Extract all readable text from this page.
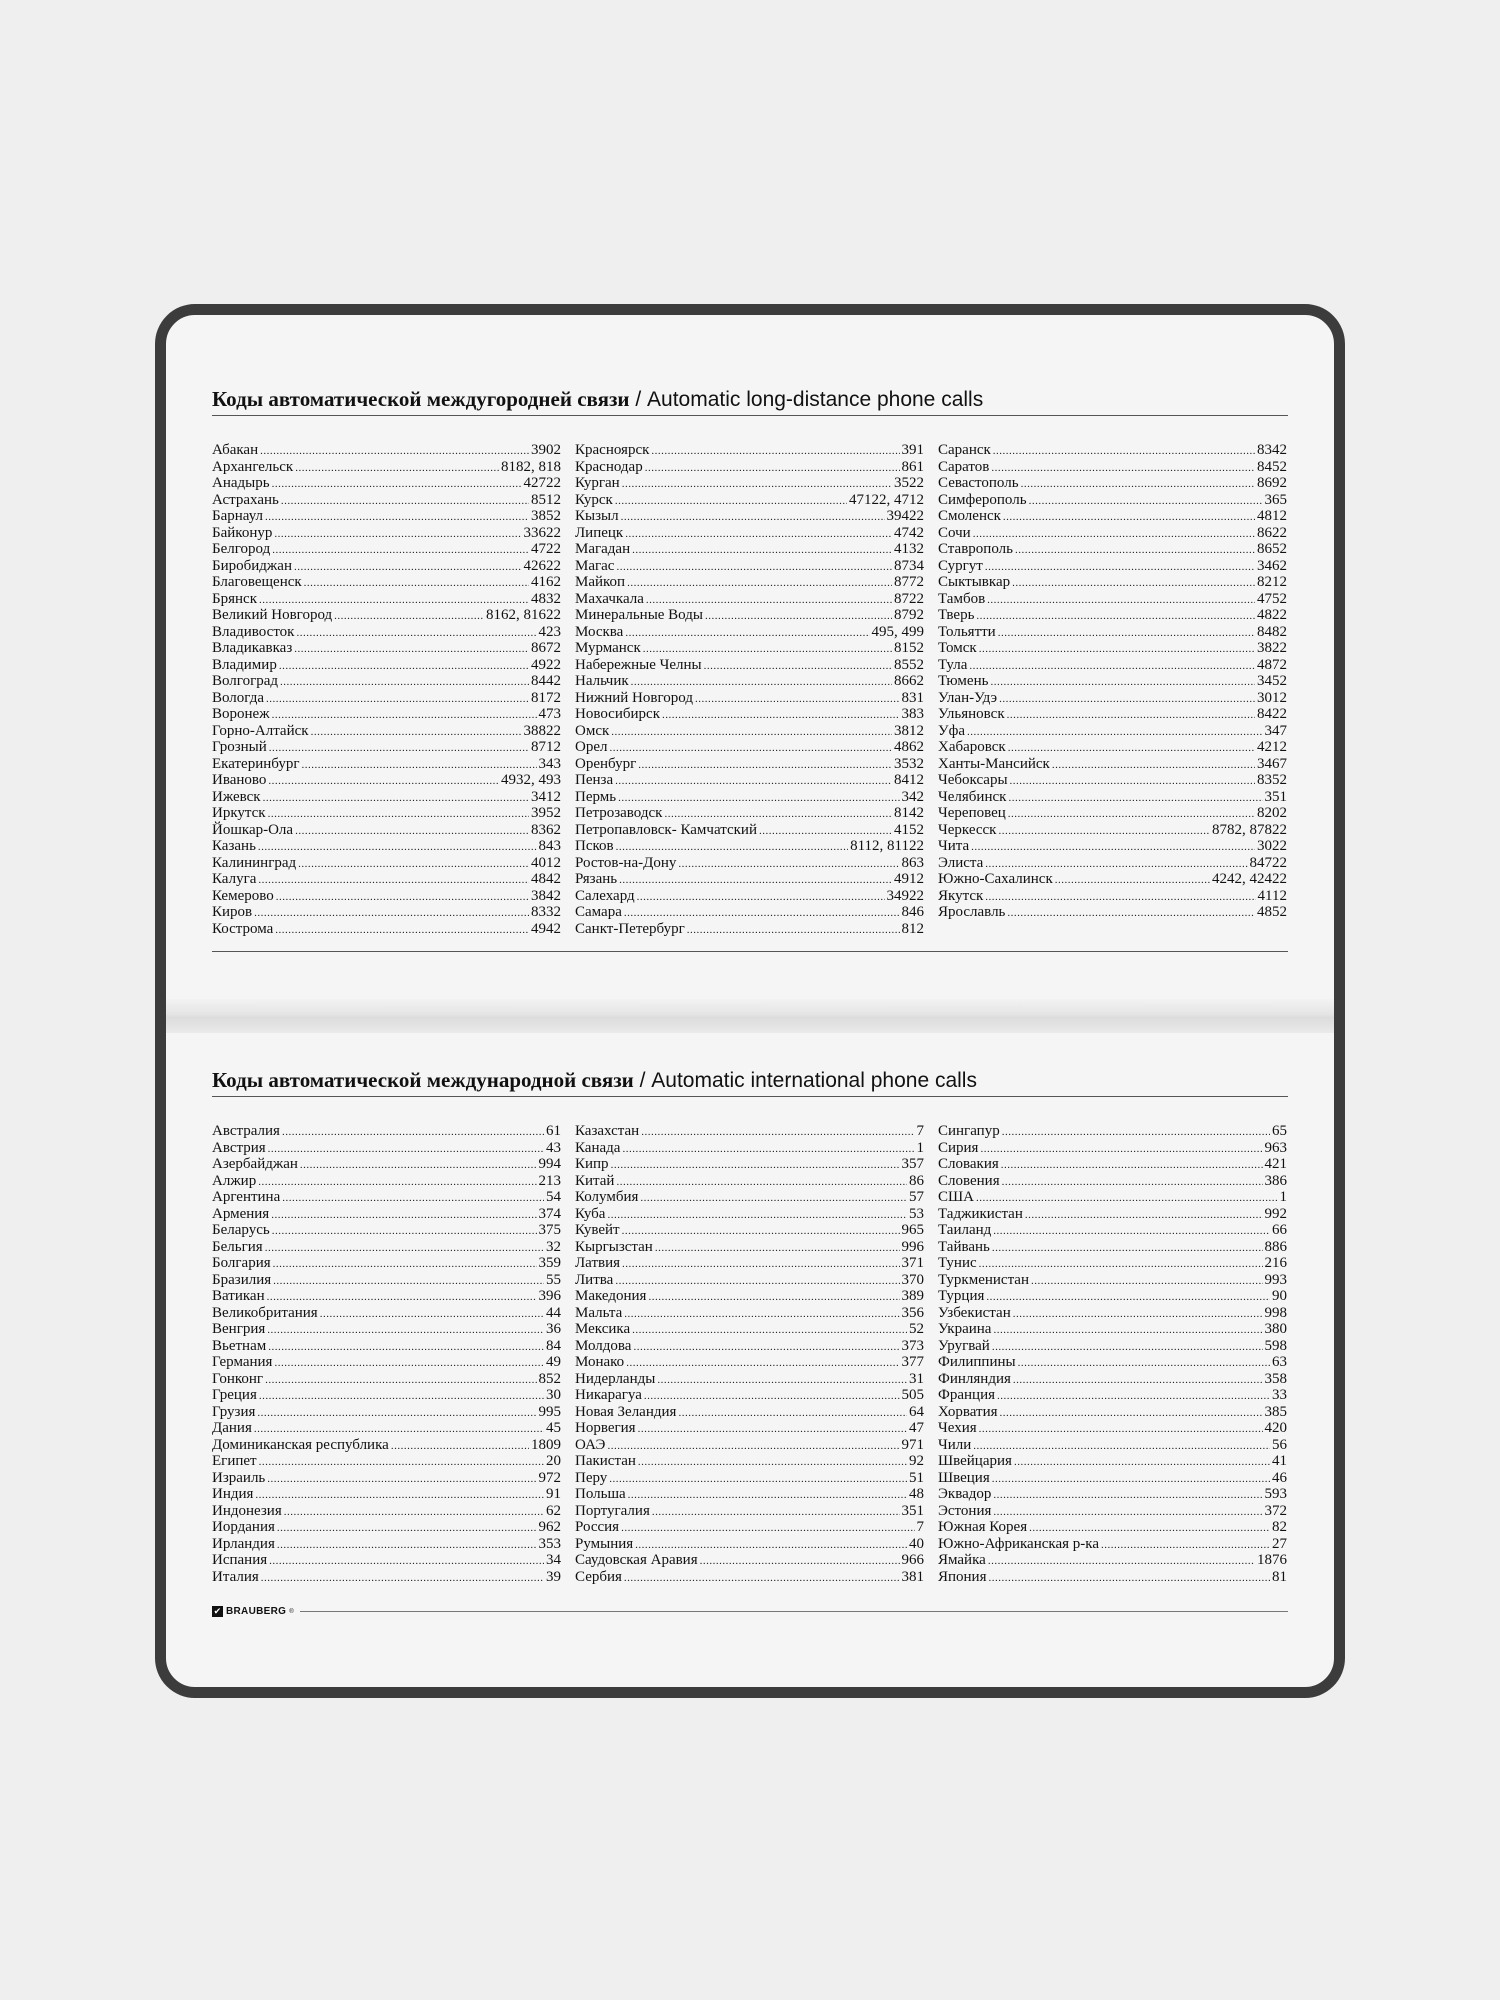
Коды автоматической междугородней связи / Automatic long-distance phone calls
Абакан .....	3902
Архангельск .....	8182, 818
Анадырь .....	42722
Астрахань .....	8512
Барнаул .....	3852
Байконур .....	33622
Белгород .....	4722
Биробиджан .....	42622
Благовещенск .....	4162
Брянск .....	4832
Великий Новгород .....	8162, 81622
Владивосток .....	423
Владикавказ .....	8672
Владимир .....	4922
Волгоград .....	8442
Вологда .....	8172
Воронеж .....	473
Горно-Алтайск .....	38822
Грозный .....	8712
Екатеринбург .....	343
Иваново .....	4932, 493
Ижевск .....	3412
Иркутск .....	3952
Йошкар-Ола .....	8362
Казань .....	843
Калининград .....	4012
Калуга .....	4842
Кемерово .....	3842
Киров .....	8332
Кострома .....	4942
Красноярск .....	391
Краснодар .....	861
Курган .....	3522
Курск .....	47122, 4712
Кызыл .....	39422
Липецк .....	4742
Магадан .....	4132
Магас .....	8734
Майкоп .....	8772
Махачкала .....	8722
Минеральные Воды .....	8792
Москва .....	495, 499
Мурманск .....	8152
Набережные Челны .....	8552
Нальчик .....	8662
Нижний Новгород .....	831
Новосибирск .....	383
Омск .....	3812
Орел .....	4862
Оренбург .....	3532
Пенза .....	8412
Пермь .....	342
Петрозаводск .....	8142
Петропавловск- Камчатский .....	4152
Псков .....	8112, 81122
Ростов-на-Дону .....	863
Рязань .....	4912
Салехард .....	34922
Самара .....	846
Санкт-Петербург .....	812
Саранск .....	8342
Саратов .....	8452
Севастополь .....	8692
Симферополь .....	365
Смоленск .....	4812
Сочи .....	8622
Ставрополь .....	8652
Сургут .....	3462
Сыктывкар .....	8212
Тамбов .....	4752
Тверь .....	4822
Тольятти .....	8482
Томск .....	3822
Тула .....	4872
Тюмень .....	3452
Улан-Удэ .....	3012
Ульяновск .....	8422
Уфа .....	347
Хабаровск .....	4212
Ханты-Мансийск .....	3467
Чебоксары .....	8352
Челябинск .....	351
Череповец .....	8202
Черкесск .....	8782, 87822
Чита .....	3022
Элиста .....	84722
Южно-Сахалинск .....	4242, 42422
Якутск .....	4112
Ярославль .....	4852
Коды автоматической международной связи / Automatic international phone calls
Австралия .....	61
Австрия .....	43
Азербайджан .....	994
Алжир .....	213
Аргентина .....	54
Армения .....	374
Беларусь .....	375
Бельгия .....	32
Болгария .....	359
Бразилия .....	55
Ватикан .....	396
Великобритания .....	44
Венгрия .....	36
Вьетнам .....	84
Германия .....	49
Гонконг .....	852
Греция .....	30
Грузия .....	995
Дания .....	45
Доминиканская республика .....	1809
Египет .....	20
Израиль .....	972
Индия .....	91
Индонезия .....	62
Иордания .....	962
Ирландия .....	353
Испания .....	34
Италия .....	39
Казахстан .....	7
Канада .....	1
Кипр .....	357
Китай .....	86
Колумбия .....	57
Куба .....	53
Кувейт .....	965
Кыргызстан .....	996
Латвия .....	371
Литва .....	370
Македония .....	389
Мальта .....	356
Мексика .....	52
Молдова .....	373
Монако .....	377
Нидерланды .....	31
Никарагуа .....	505
Новая Зеландия .....	64
Норвегия .....	47
ОАЭ .....	971
Пакистан .....	92
Перу .....	51
Польша .....	48
Португалия .....	351
Россия .....	7
Румыния .....	40
Саудовская Аравия .....	966
Сербия .....	381
Сингапур .....	65
Сирия .....	963
Словакия .....	421
Словения .....	386
США .....	1
Таджикистан .....	992
Таиланд .....	66
Тайвань .....	886
Тунис .....	216
Туркменистан .....	993
Турция .....	90
Узбекистан .....	998
Украина .....	380
Уругвай .....	598
Филиппины .....	63
Финляндия .....	358
Франция .....	33
Хорватия .....	385
Чехия .....	420
Чили .....	56
Швейцария .....	41
Швеция .....	46
Эквадор .....	593
Эстония .....	372
Южная Корея .....	82
Южно-Африканская р-ка .....	27
Ямайка .....	1876
Япония .....	81
✔ BRAUBERG ®
